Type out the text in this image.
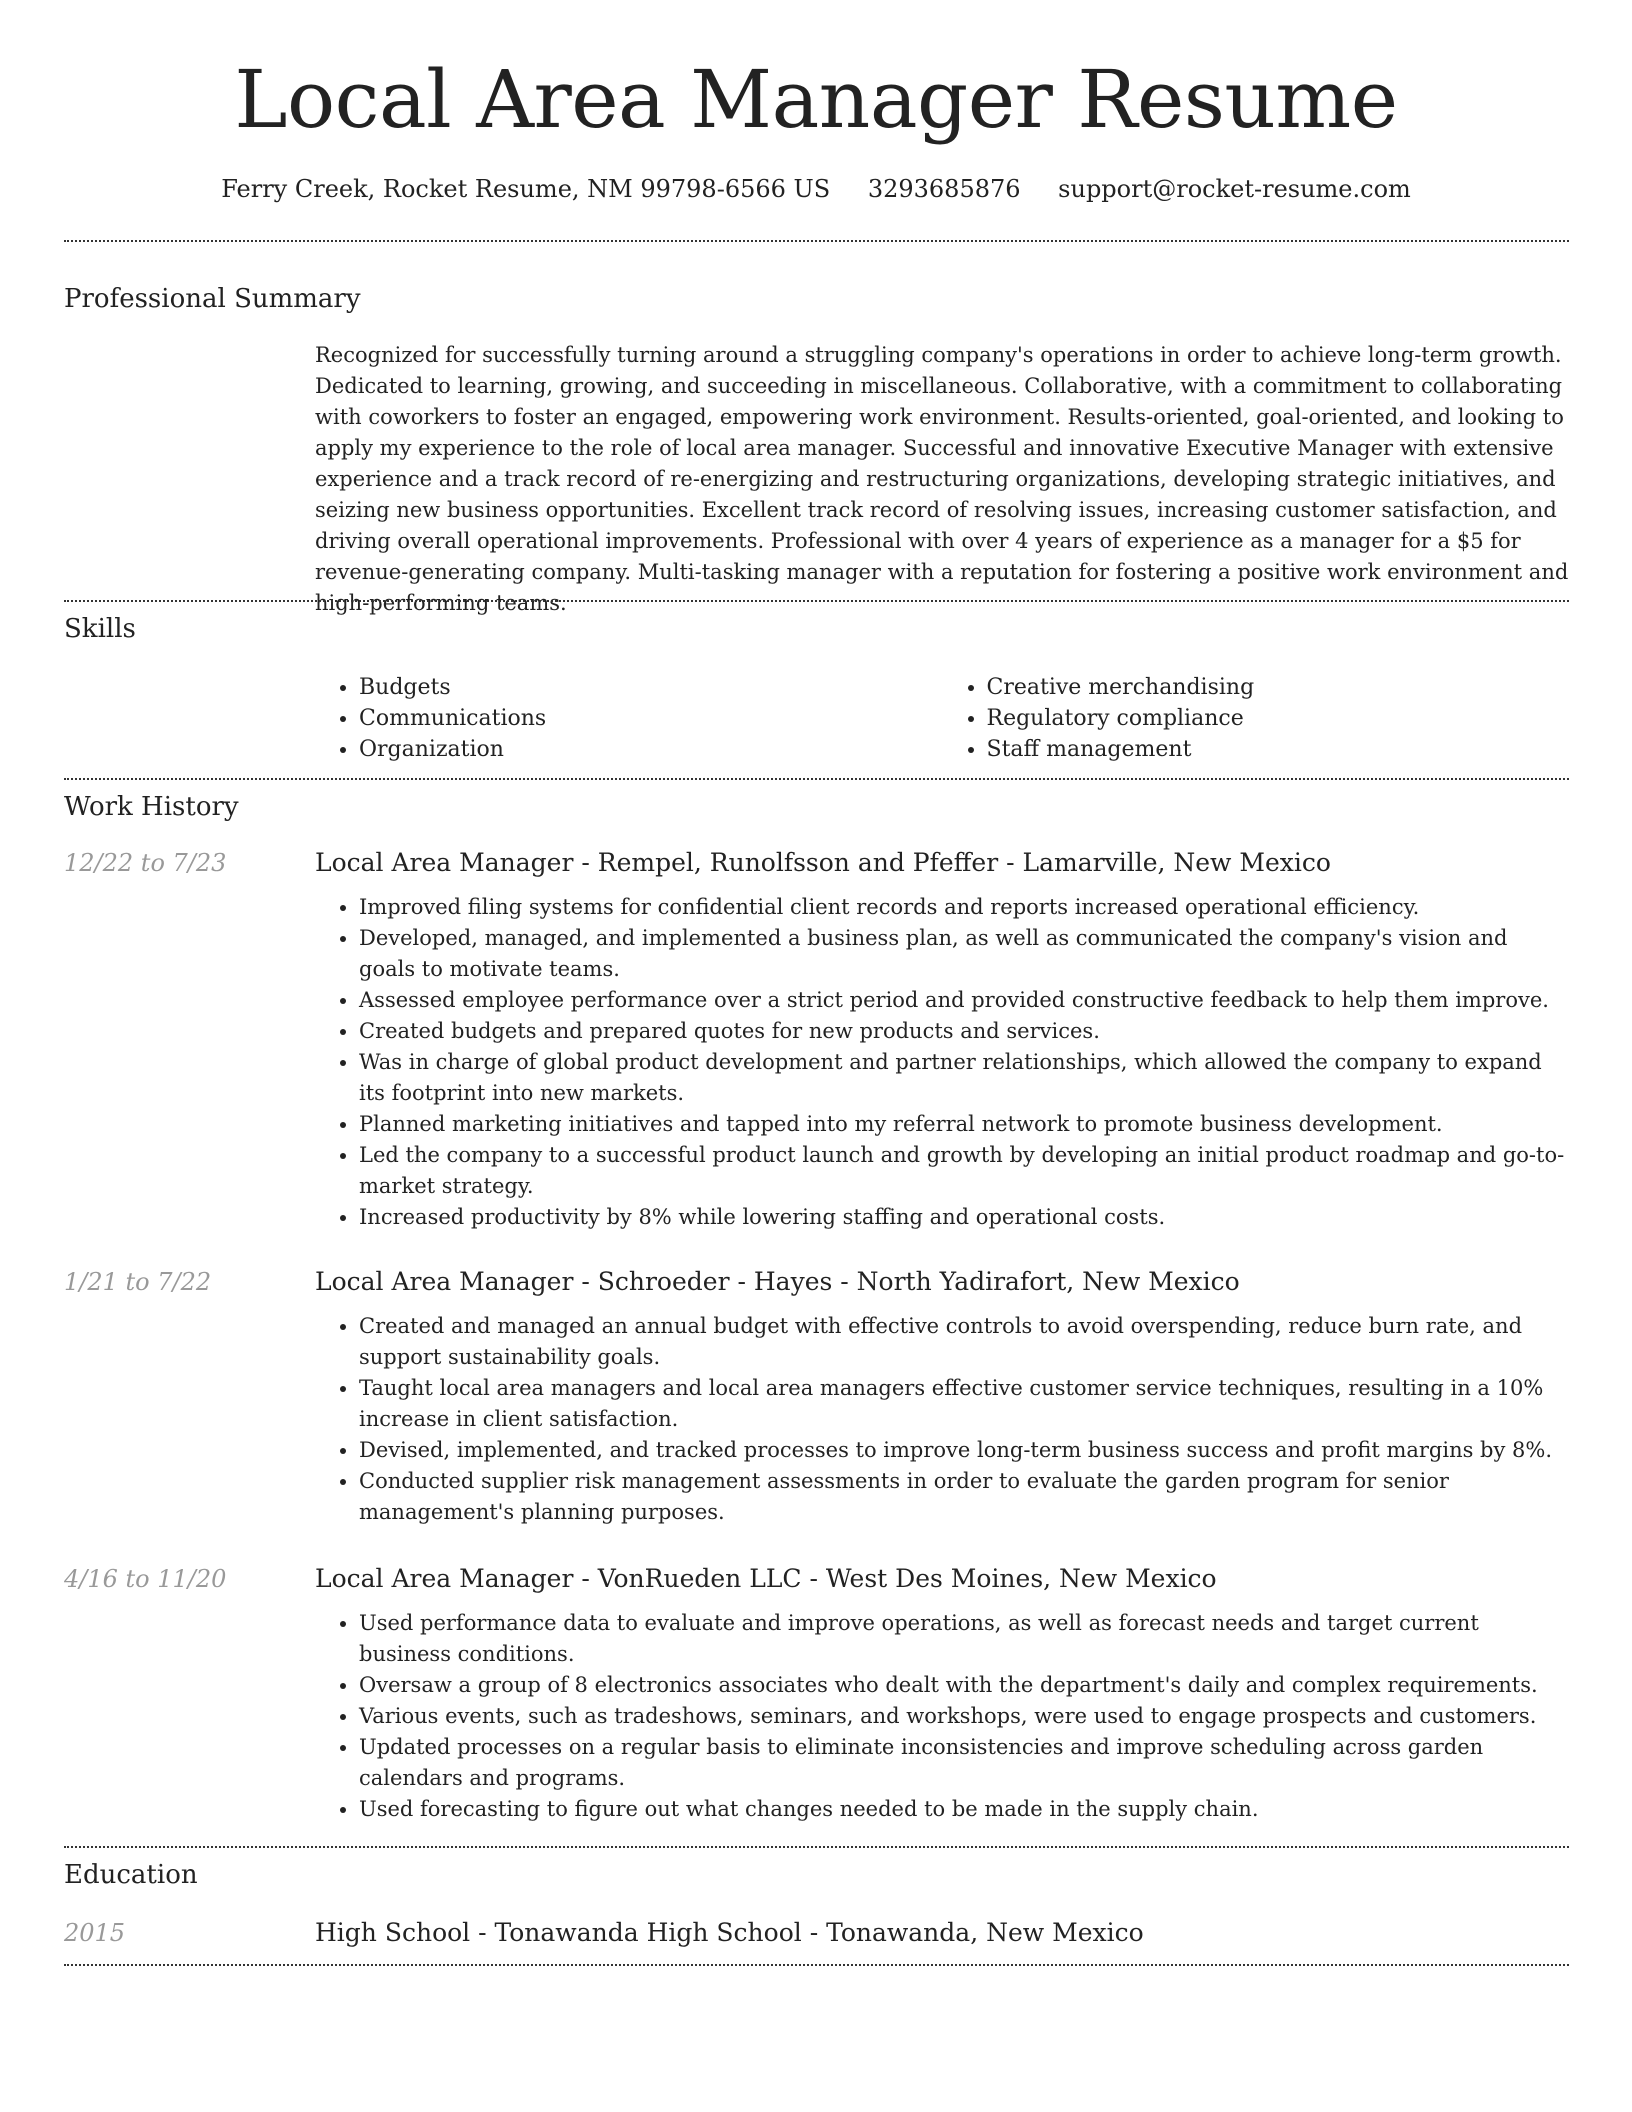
Local Area Manager Resume
Ferry Creek, Rocket Resume, NM 99798-6566 US 3293685876 support@rocket-resume.com
Professional Summary

Recognized for successfully turning around a struggling company's operations in order to achieve long-term growth. Dedicated to learning, growing, and succeeding in miscellaneous. Collaborative, with a commitment to collaborating with coworkers to foster an engaged, empowering work environment. Results-oriented, goal-oriented, and looking to apply my experience to the role of local area manager. Successful and innovative Executive Manager with extensive experience and a track record of re-energizing and restructuring organizations, developing strategic initiatives, and seizing new business opportunities. Excellent track record of resolving issues, increasing customer satisfaction, and driving overall operational improvements. Professional with over 4 years of experience as a manager for a $5 for revenue-generating company. Multi-tasking manager with a reputation for fostering a positive work environment and high-performing teams.

Skills
• Budgets
• Communications
• Organization
• Creative merchandising
• Regulatory compliance
• Staff management
Work History
12/22 to 7/23	Local Area Manager - Rempel, Runolfsson and Pfeffer - Lamarville, New Mexico
• Improved filing systems for confidential client records and reports increased operational efficiency.
• Developed, managed, and implemented a business plan, as well as communicated the company's vision and goals to motivate teams.
• Assessed employee performance over a strict period and provided constructive feedback to help them improve.
• Created budgets and prepared quotes for new products and services.
• Was in charge of global product development and partner relationships, which allowed the company to expand its footprint into new markets.
• Planned marketing initiatives and tapped into my referral network to promote business development.
• Led the company to a successful product launch and growth by developing an initial product roadmap and go-to-market strategy.
• Increased productivity by 8% while lowering staffing and operational costs.
1/21 to 7/22	Local Area Manager - Schroeder - Hayes - North Yadirafort, New Mexico
• Created and managed an annual budget with effective controls to avoid overspending, reduce burn rate, and support sustainability goals.
• Taught local area managers and local area managers effective customer service techniques, resulting in a 10% increase in client satisfaction.
• Devised, implemented, and tracked processes to improve long-term business success and profit margins by 8%.
• Conducted supplier risk management assessments in order to evaluate the garden program for senior management's planning purposes.
4/16 to 11/20	Local Area Manager - VonRueden LLC - West Des Moines, New Mexico
• Used performance data to evaluate and improve operations, as well as forecast needs and target current business conditions.
• Oversaw a group of 8 electronics associates who dealt with the department's daily and complex requirements.
• Various events, such as tradeshows, seminars, and workshops, were used to engage prospects and customers.
• Updated processes on a regular basis to eliminate inconsistencies and improve scheduling across garden calendars and programs.
• Used forecasting to figure out what changes needed to be made in the supply chain.
Education
2015	High School - Tonawanda High School - Tonawanda, New Mexico
